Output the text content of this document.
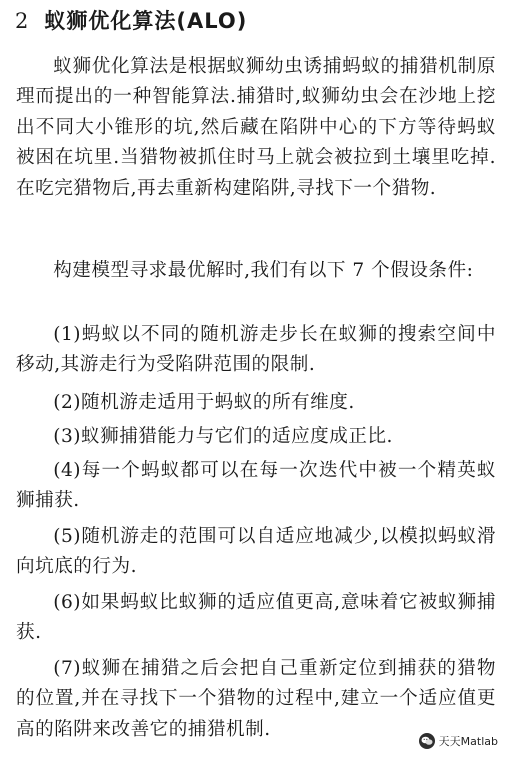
2 蚁狮优化算法(ALO)

蚁狮优化算法是根据蚁狮幼虫诱捕蚂蚁的捕猎机制原理而提出的一种智能算法.捕猎时,蚁狮幼虫会在沙地上挖出不同大小锥形的坑,然后藏在陷阱中心的下方等待蚂蚁被困在坑里.当猎物被抓住时马上就会被拉到土壤里吃掉.在吃完猎物后,再去重新构建陷阱,寻找下一个猎物.

构建模型寻求最优解时,我们有以下 7 个假设条件:

(1)蚂蚁以不同的随机游走步长在蚁狮的搜索空间中移动,其游走行为受陷阱范围的限制.

(2)随机游走适用于蚂蚁的所有维度.

(3)蚁狮捕猎能力与它们的适应度成正比.

(4)每一个蚂蚁都可以在每一次迭代中被一个精英蚁狮捕获.

(5)随机游走的范围可以自适应地减少,以模拟蚂蚁滑向坑底的行为.

(6)如果蚂蚁比蚁狮的适应值更高,意味着它被蚁狮捕获.

(7)蚁狮在捕猎之后会把自己重新定位到捕获的猎物的位置,并在寻找下一个猎物的过程中,建立一个适应值更高的陷阱来改善它的捕猎机制.

天天Matlab
